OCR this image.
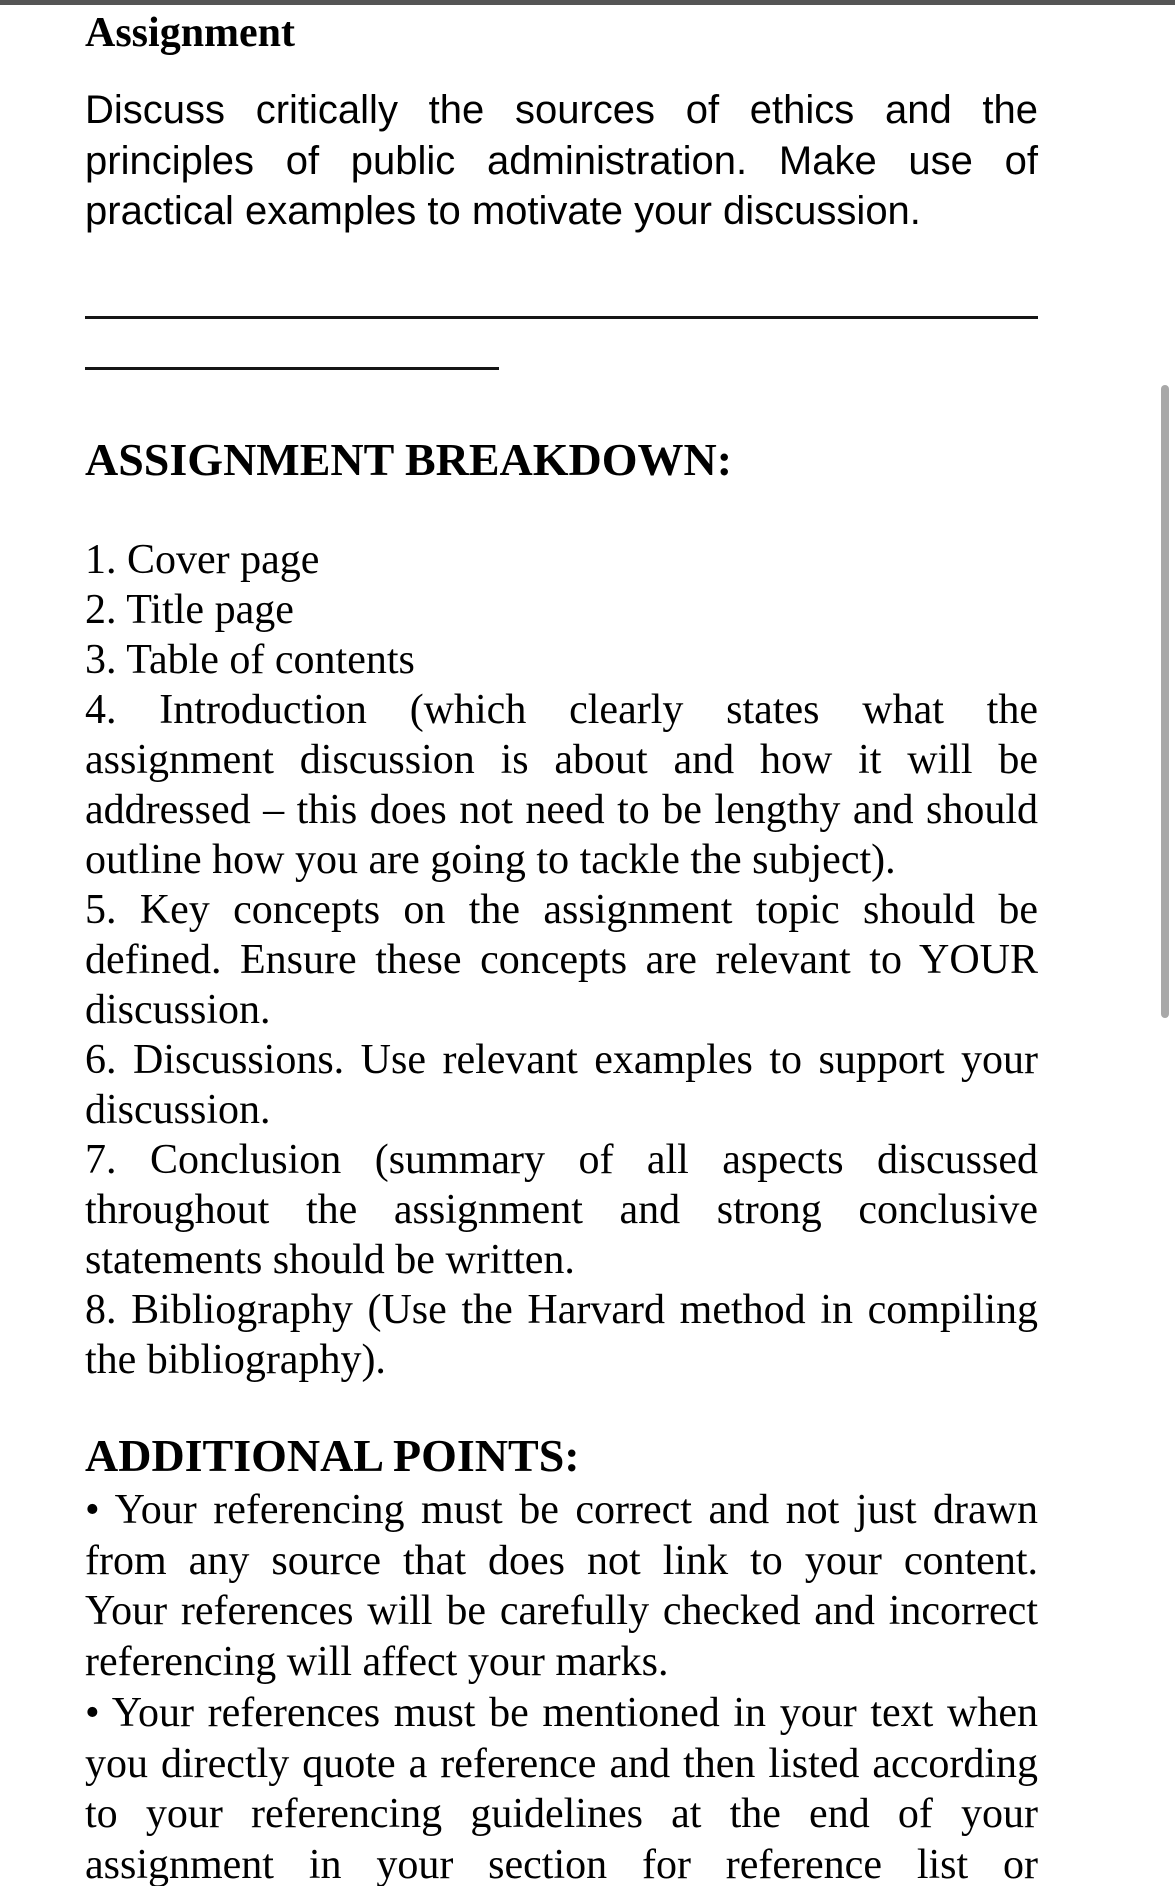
Assignment
Discuss critically the sources of ethics and the
principles of public administration. Make use of
practical examples to motivate your discussion.
ASSIGNMENT BREAKDOWN:
1. Cover page
2. Title page
3. Table of contents
4. Introduction (which clearly states what the
assignment discussion is about and how it will be
addressed – this does not need to be lengthy and should
outline how you are going to tackle the subject).
5. Key concepts on the assignment topic should be
defined. Ensure these concepts are relevant to YOUR
discussion.
6. Discussions. Use relevant examples to support your
discussion.
7. Conclusion (summary of all aspects discussed
throughout the assignment and strong conclusive
statements should be written.
8. Bibliography (Use the Harvard method in compiling
the bibliography).
ADDITIONAL POINTS:
• Your referencing must be correct and not just drawn
from any source that does not link to your content.
Your references will be carefully checked and incorrect
referencing will affect your marks.
• Your references must be mentioned in your text when
you directly quote a reference and then listed according
to your referencing guidelines at the end of your
assignment in your section for reference list or
